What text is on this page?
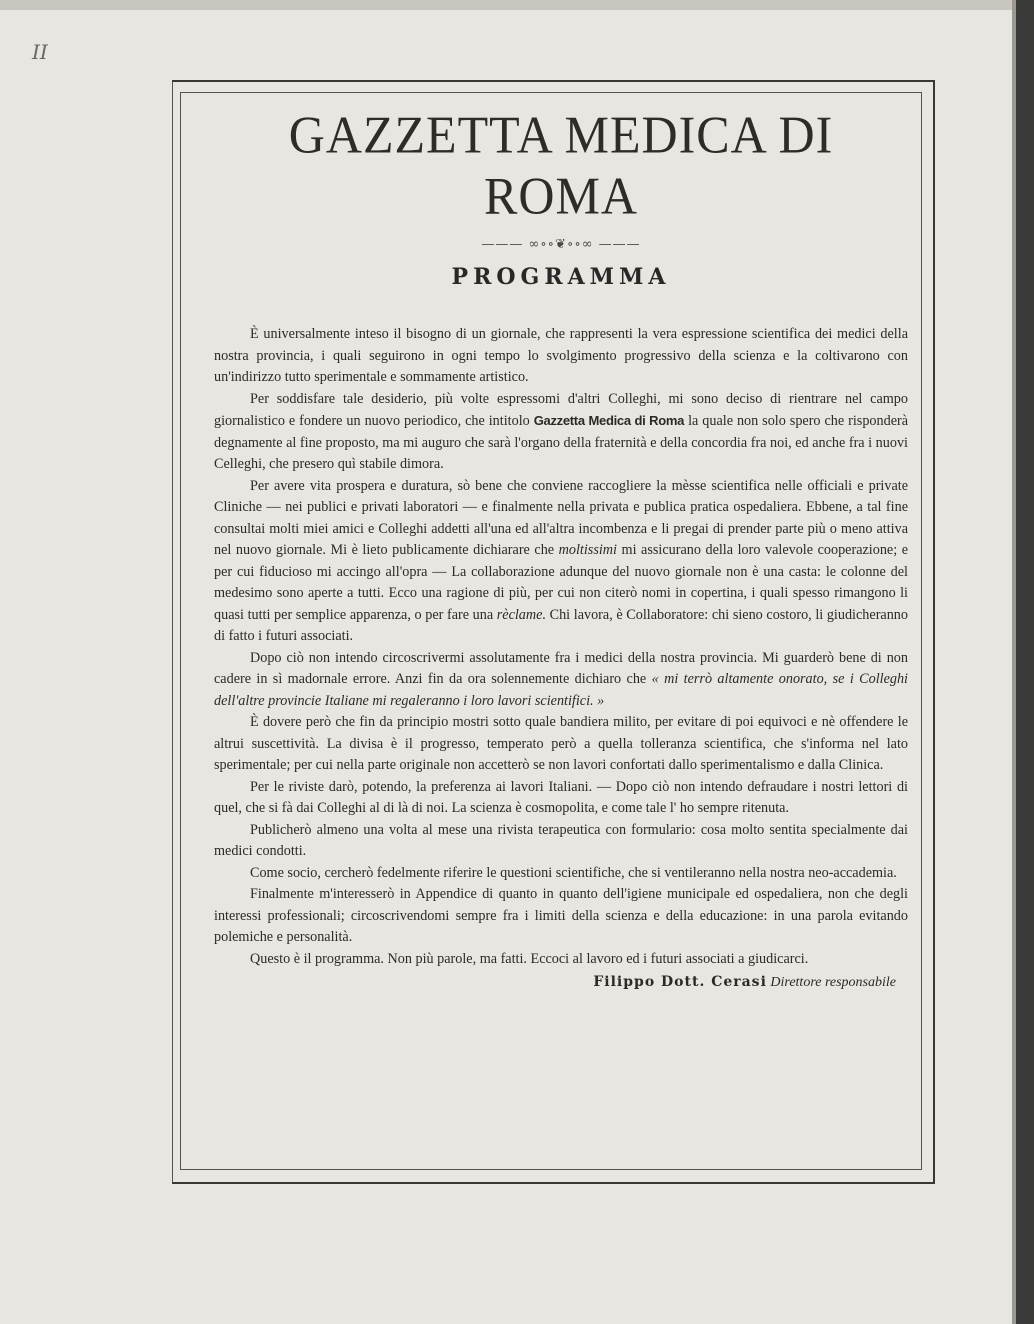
II
GAZZETTA MEDICA DI ROMA
——— ∞∘∘❦∘∘∞ ———
PROGRAMMA

È universalmente inteso il bisogno di un giornale, che rappresenti la vera espressione scientifica dei medici della nostra provincia, i quali seguirono in ogni tempo lo svolgimento progressivo della scienza e la coltivarono con un'indirizzo tutto sperimentale e sommamente artistico.

Per soddisfare tale desiderio, più volte espressomi d'altri Colleghi, mi sono deciso di rientrare nel campo giornalistico e fondere un nuovo periodico, che intitolo Gazzetta Medica di Roma la quale non solo spero che risponderà degnamente al fine proposto, ma mi auguro che sarà l'organo della fraternità e della concordia fra noi, ed anche fra i nuovi Celleghi, che presero quì stabile dimora.

Per avere vita prospera e duratura, sò bene che conviene raccogliere la mèsse scientifica nelle officiali e private Cliniche — nei publici e privati laboratori — e finalmente nella privata e publica pratica ospedaliera. Ebbene, a tal fine consultai molti miei amici e Colleghi addetti all'una ed all'altra incombenza e li pregai di prender parte più o meno attiva nel nuovo giornale. Mi è lieto publicamente dichiarare che moltissimi mi assicurano della loro valevole cooperazione; e per cui fiducioso mi accingo all'opra — La collaborazione adunque del nuovo giornale non è una casta: le colonne del medesimo sono aperte a tutti. Ecco una ragione di più, per cui non citerò nomi in copertina, i quali spesso rimangono li quasi tutti per semplice apparenza, o per fare una rèclame. Chi lavora, è Collaboratore: chi sieno costoro, li giudicheranno di fatto i futuri associati.

Dopo ciò non intendo circoscrivermi assolutamente fra i medici della nostra provincia. Mi guarderò bene di non cadere in sì madornale errore. Anzi fin da ora solennemente dichiaro che « mi terrò altamente onorato, se i Colleghi dell'altre provincie Italiane mi regaleranno i loro lavori scientifici. »

È dovere però che fin da principio mostri sotto quale bandiera milito, per evitare di poi equivoci e nè offendere le altrui suscettività. La divisa è il progresso, temperato però a quella tolleranza scientifica, che s'informa nel lato sperimentale; per cui nella parte originale non accetterò se non lavori confortati dallo sperimentalismo e dalla Clinica.

Per le riviste darò, potendo, la preferenza ai lavori Italiani. — Dopo ciò non intendo defraudare i nostri lettori di quel, che si fà dai Colleghi al di là di noi. La scienza è cosmopolita, e come tale l' ho sempre ritenuta.

Publicherò almeno una volta al mese una rivista terapeutica con formulario: cosa molto sentita specialmente dai medici condotti.

Come socio, cercherò fedelmente riferire le questioni scientifiche, che si ventileranno nella nostra neo-accademia.

Finalmente m'interesserò in Appendice di quanto in quanto dell'igiene municipale ed ospedaliera, non che degli interessi professionali; circoscrivendomi sempre fra i limiti della scienza e della educazione: in una parola evitando polemiche e personalità.

Questo è il programma. Non più parole, ma fatti. Eccoci al lavoro ed i futuri associati a giudicarci.

Filippo Dott. Cerasi Direttore responsabile
